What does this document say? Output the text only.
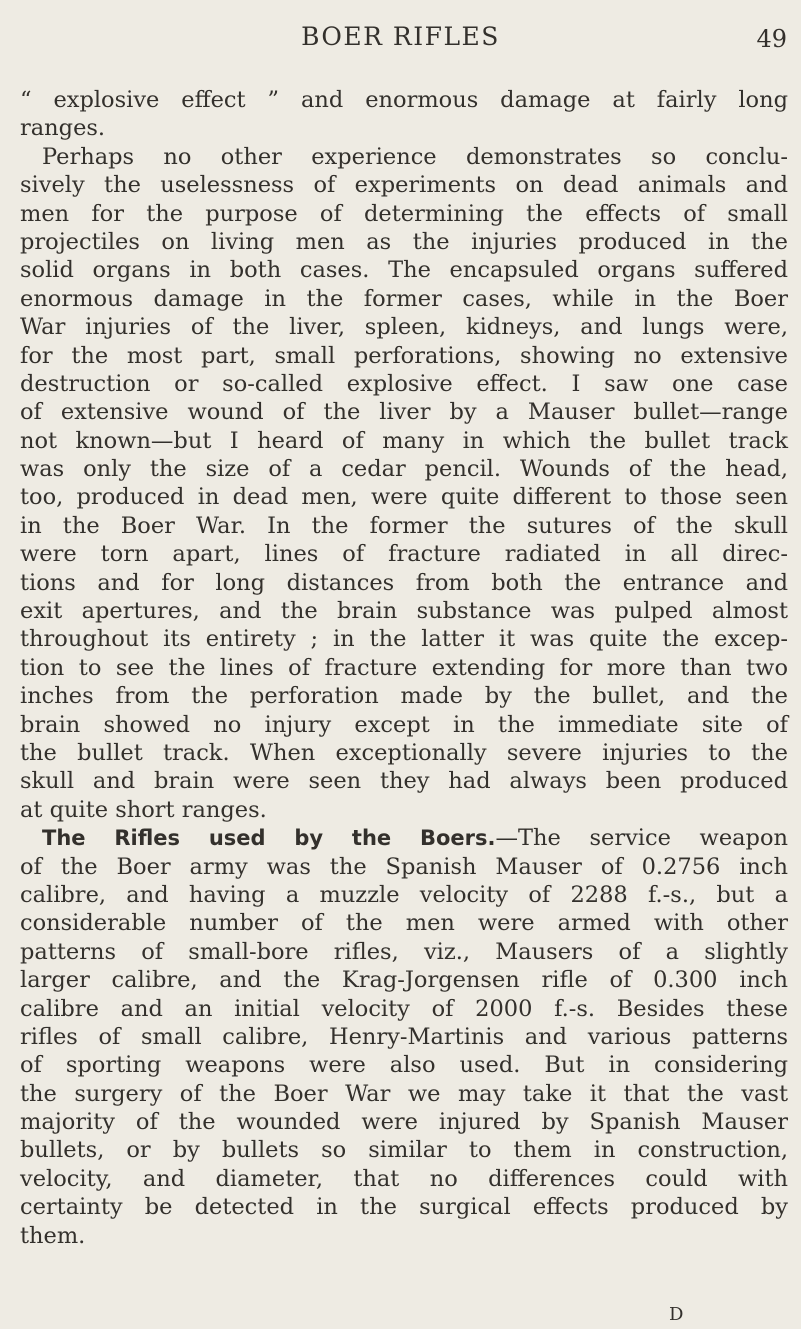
BOER RIFLES	49
“ explosive effect ” and enormous damage at fairly long
ranges.
Perhaps no other experience demonstrates so conclu-
sively the uselessness of experiments on dead animals and
men for the purpose of determining the effects of small
projectiles on living men as the injuries produced in the
solid organs in both cases. The encapsuled organs suffered
enormous damage in the former cases, while in the Boer
War injuries of the liver, spleen, kidneys, and lungs were,
for the most part, small perforations, showing no extensive
destruction or so-called explosive effect. I saw one case
of extensive wound of the liver by a Mauser bullet—range
not known—but I heard of many in which the bullet track
was only the size of a cedar pencil. Wounds of the head,
too, produced in dead men, were quite different to those seen
in the Boer War. In the former the sutures of the skull
were torn apart, lines of fracture radiated in all direc-
tions and for long distances from both the entrance and
exit apertures, and the brain substance was pulped almost
throughout its entirety ; in the latter it was quite the excep-
tion to see the lines of fracture extending for more than two
inches from the perforation made by the bullet, and the
brain showed no injury except in the immediate site of
the bullet track. When exceptionally severe injuries to the
skull and brain were seen they had always been produced
at quite short ranges.
The Rifles used by the Boers.—The service weapon
of the Boer army was the Spanish Mauser of 0.2756 inch
calibre, and having a muzzle velocity of 2288 f.-s., but a
considerable number of the men were armed with other
patterns of small-bore rifles, viz., Mausers of a slightly
larger calibre, and the Krag-Jorgensen rifle of 0.300 inch
calibre and an initial velocity of 2000 f.-s. Besides these
rifles of small calibre, Henry-Martinis and various patterns
of sporting weapons were also used. But in considering
the surgery of the Boer War we may take it that the vast
majority of the wounded were injured by Spanish Mauser
bullets, or by bullets so similar to them in construction,
velocity, and diameter, that no differences could with
certainty be detected in the surgical effects produced by
them.
D
